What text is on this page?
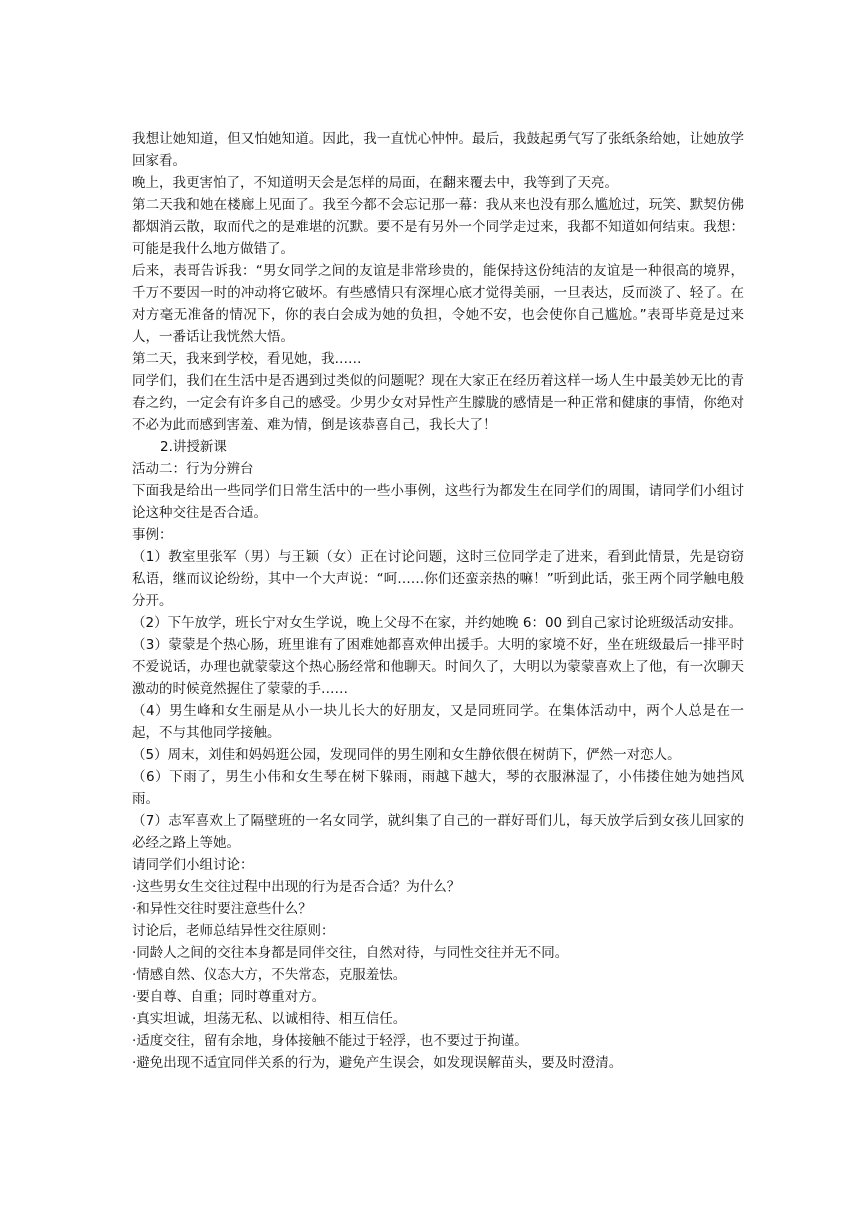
我想让她知道，但又怕她知道。因此，我一直忧心忡忡。最后，我鼓起勇气写了张纸条给她，让她放学回家看。

晚上，我更害怕了，不知道明天会是怎样的局面，在翻来覆去中，我等到了天亮。

第二天我和她在楼廊上见面了。我至今都不会忘记那一幕：我从来也没有那么尴尬过，玩笑、默契仿佛都烟消云散，取而代之的是难堪的沉默。要不是有另外一个同学走过来，我都不知道如何结束。我想：可能是我什么地方做错了。

后来，表哥告诉我：“男女同学之间的友谊是非常珍贵的，能保持这份纯洁的友谊是一种很高的境界，千万不要因一时的冲动将它破坏。有些感情只有深埋心底才觉得美丽，一旦表达，反而淡了、轻了。在对方毫无准备的情况下，你的表白会成为她的负担，令她不安，也会使你自己尴尬。”表哥毕竟是过来人，一番话让我恍然大悟。

第二天，我来到学校，看见她，我……

同学们，我们在生活中是否遇到过类似的问题呢？现在大家正在经历着这样一场人生中最美妙无比的青春之约，一定会有许多自己的感受。少男少女对异性产生朦胧的感情是一种正常和健康的事情，你绝对不必为此而感到害羞、难为情，倒是该恭喜自己，我长大了！

2.讲授新课

活动二：行为分辨台

下面我是给出一些同学们日常生活中的一些小事例，这些行为都发生在同学们的周围，请同学们小组讨论这种交往是否合适。

事例：

（1）教室里张军（男）与王颖（女）正在讨论问题，这时三位同学走了进来，看到此情景，先是窃窃私语，继而议论纷纷，其中一个大声说：“呵……你们还蛮亲热的嘛！”听到此话，张王两个同学触电般分开。

（2）下午放学，班长宁对女生学说，晚上父母不在家，并约她晚 6：00 到自己家讨论班级活动安排。

（3）蒙蒙是个热心肠，班里谁有了困难她都喜欢伸出援手。大明的家境不好，坐在班级最后一排平时不爱说话，办理也就蒙蒙这个热心肠经常和他聊天。时间久了，大明以为蒙蒙喜欢上了他，有一次聊天激动的时候竟然握住了蒙蒙的手……

（4）男生峰和女生丽是从小一块儿长大的好朋友，又是同班同学。在集体活动中，两个人总是在一起，不与其他同学接触。

（5）周末，刘佳和妈妈逛公园，发现同伴的男生刚和女生静依偎在树荫下，俨然一对恋人。

（6）下雨了，男生小伟和女生琴在树下躲雨，雨越下越大，琴的衣服淋湿了，小伟搂住她为她挡风雨。

（7）志军喜欢上了隔壁班的一名女同学，就纠集了自己的一群好哥们儿，每天放学后到女孩儿回家的必经之路上等她。

请同学们小组讨论：

·这些男女生交往过程中出现的行为是否合适？为什么？

·和异性交往时要注意些什么？

讨论后，老师总结异性交往原则：

·同龄人之间的交往本身都是同伴交往，自然对待，与同性交往并无不同。

·情感自然、仪态大方，不失常态，克服羞怯。

·要自尊、自重；同时尊重对方。

·真实坦诚，坦荡无私、以诚相待、相互信任。

·适度交往，留有余地，身体接触不能过于轻浮，也不要过于拘谨。

·避免出现不适宜同伴关系的行为，避免产生误会，如发现误解苗头，要及时澄清。
